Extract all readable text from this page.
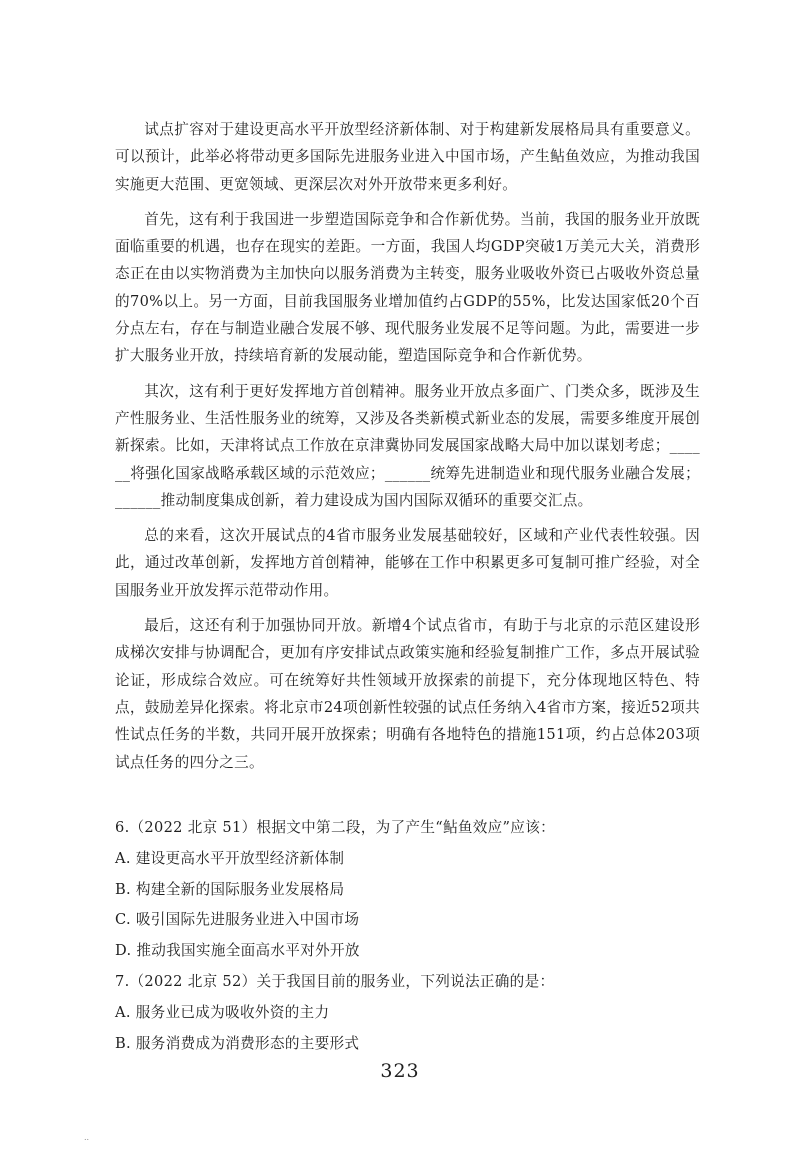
试点扩容对于建设更高水平开放型经济新体制、对于构建新发展格局具有重要意义。可以预计，此举必将带动更多国际先进服务业进入中国市场，产生鲇鱼效应，为推动我国实施更大范围、更宽领域、更深层次对外开放带来更多利好。

首先，这有利于我国进一步塑造国际竞争和合作新优势。当前，我国的服务业开放既面临重要的机遇，也存在现实的差距。一方面，我国人均GDP突破1万美元大关，消费形态正在由以实物消费为主加快向以服务消费为主转变，服务业吸收外资已占吸收外资总量的70%以上。另一方面，目前我国服务业增加值约占GDP的55%，比发达国家低20个百分点左右，存在与制造业融合发展不够、现代服务业发展不足等问题。为此，需要进一步扩大服务业开放，持续培育新的发展动能，塑造国际竞争和合作新优势。

其次，这有利于更好发挥地方首创精神。服务业开放点多面广、门类众多，既涉及生产性服务业、生活性服务业的统筹，又涉及各类新模式新业态的发展，需要多维度开展创新探索。比如，天津将试点工作放在京津冀协同发展国家战略大局中加以谋划考虑；______将强化国家战略承载区域的示范效应；______统筹先进制造业和现代服务业融合发展；______推动制度集成创新，着力建设成为国内国际双循环的重要交汇点。

总的来看，这次开展试点的4省市服务业发展基础较好，区域和产业代表性较强。因此，通过改革创新，发挥地方首创精神，能够在工作中积累更多可复制可推广经验，对全国服务业开放发挥示范带动作用。

最后，这还有利于加强协同开放。新增4个试点省市，有助于与北京的示范区建设形成梯次安排与协调配合，更加有序安排试点政策实施和经验复制推广工作，多点开展试验论证，形成综合效应。可在统筹好共性领域开放探索的前提下，充分体现地区特色、特点，鼓励差异化探索。将北京市24项创新性较强的试点任务纳入4省市方案，接近52项共性试点任务的半数，共同开展开放探索；明确有各地特色的措施151项，约占总体203项试点任务的四分之三。

6.（2022 北京 51）根据文中第二段，为了产生“鲇鱼效应”应该：

A. 建设更高水平开放型经济新体制

B. 构建全新的国际服务业发展格局

C. 吸引国际先进服务业进入中国市场

D. 推动我国实施全面高水平对外开放

7.（2022 北京 52）关于我国目前的服务业，下列说法正确的是：

A. 服务业已成为吸收外资的主力

B. 服务消费成为消费形态的主要形式

323
..
